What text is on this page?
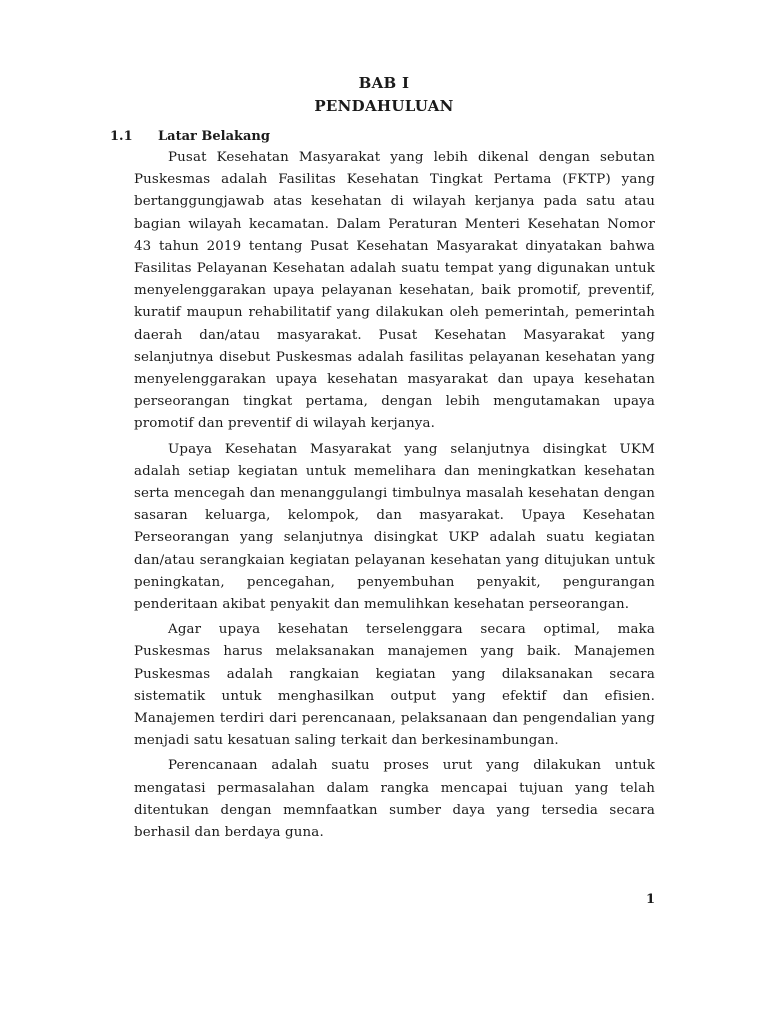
BAB I
PENDAHULUAN
1.1 Latar Belakang

Pusat Kesehatan Masyarakat yang lebih dikenal dengan sebutan Puskesmas adalah Fasilitas Kesehatan Tingkat Pertama (FKTP) yang bertanggungjawab atas kesehatan di wilayah kerjanya pada satu atau bagian wilayah kecamatan. Dalam Peraturan Menteri Kesehatan Nomor 43 tahun 2019 tentang Pusat Kesehatan Masyarakat dinyatakan bahwa Fasilitas Pelayanan Kesehatan adalah suatu tempat yang digunakan untuk menyelenggarakan upaya pelayanan kesehatan, baik promotif, preventif, kuratif maupun rehabilitatif yang dilakukan oleh pemerintah, pemerintah daerah dan/atau masyarakat. Pusat Kesehatan Masyarakat yang selanjutnya disebut Puskesmas adalah fasilitas pelayanan kesehatan yang menyelenggarakan upaya kesehatan masyarakat dan upaya kesehatan perseorangan tingkat pertama, dengan lebih mengutamakan upaya promotif dan preventif di wilayah kerjanya.

Upaya Kesehatan Masyarakat yang selanjutnya disingkat UKM adalah setiap kegiatan untuk memelihara dan meningkatkan kesehatan serta mencegah dan menanggulangi timbulnya masalah kesehatan dengan sasaran keluarga, kelompok, dan masyarakat. Upaya Kesehatan Perseorangan yang selanjutnya disingkat UKP adalah suatu kegiatan dan/atau serangkaian kegiatan pelayanan kesehatan yang ditujukan untuk peningkatan, pencegahan, penyembuhan penyakit, pengurangan penderitaan akibat penyakit dan memulihkan kesehatan perseorangan.

Agar upaya kesehatan terselenggara secara optimal, maka Puskesmas harus melaksanakan manajemen yang baik. Manajemen Puskesmas adalah rangkaian kegiatan yang dilaksanakan secara sistematik untuk menghasilkan output yang efektif dan efisien. Manajemen terdiri dari perencanaan, pelaksanaan dan pengendalian yang menjadi satu kesatuan saling terkait dan berkesinambungan.

Perencanaan adalah suatu proses urut yang dilakukan untuk mengatasi permasalahan dalam rangka mencapai tujuan yang telah ditentukan dengan memnfaatkan sumber daya yang tersedia secara berhasil dan berdaya guna.

1
